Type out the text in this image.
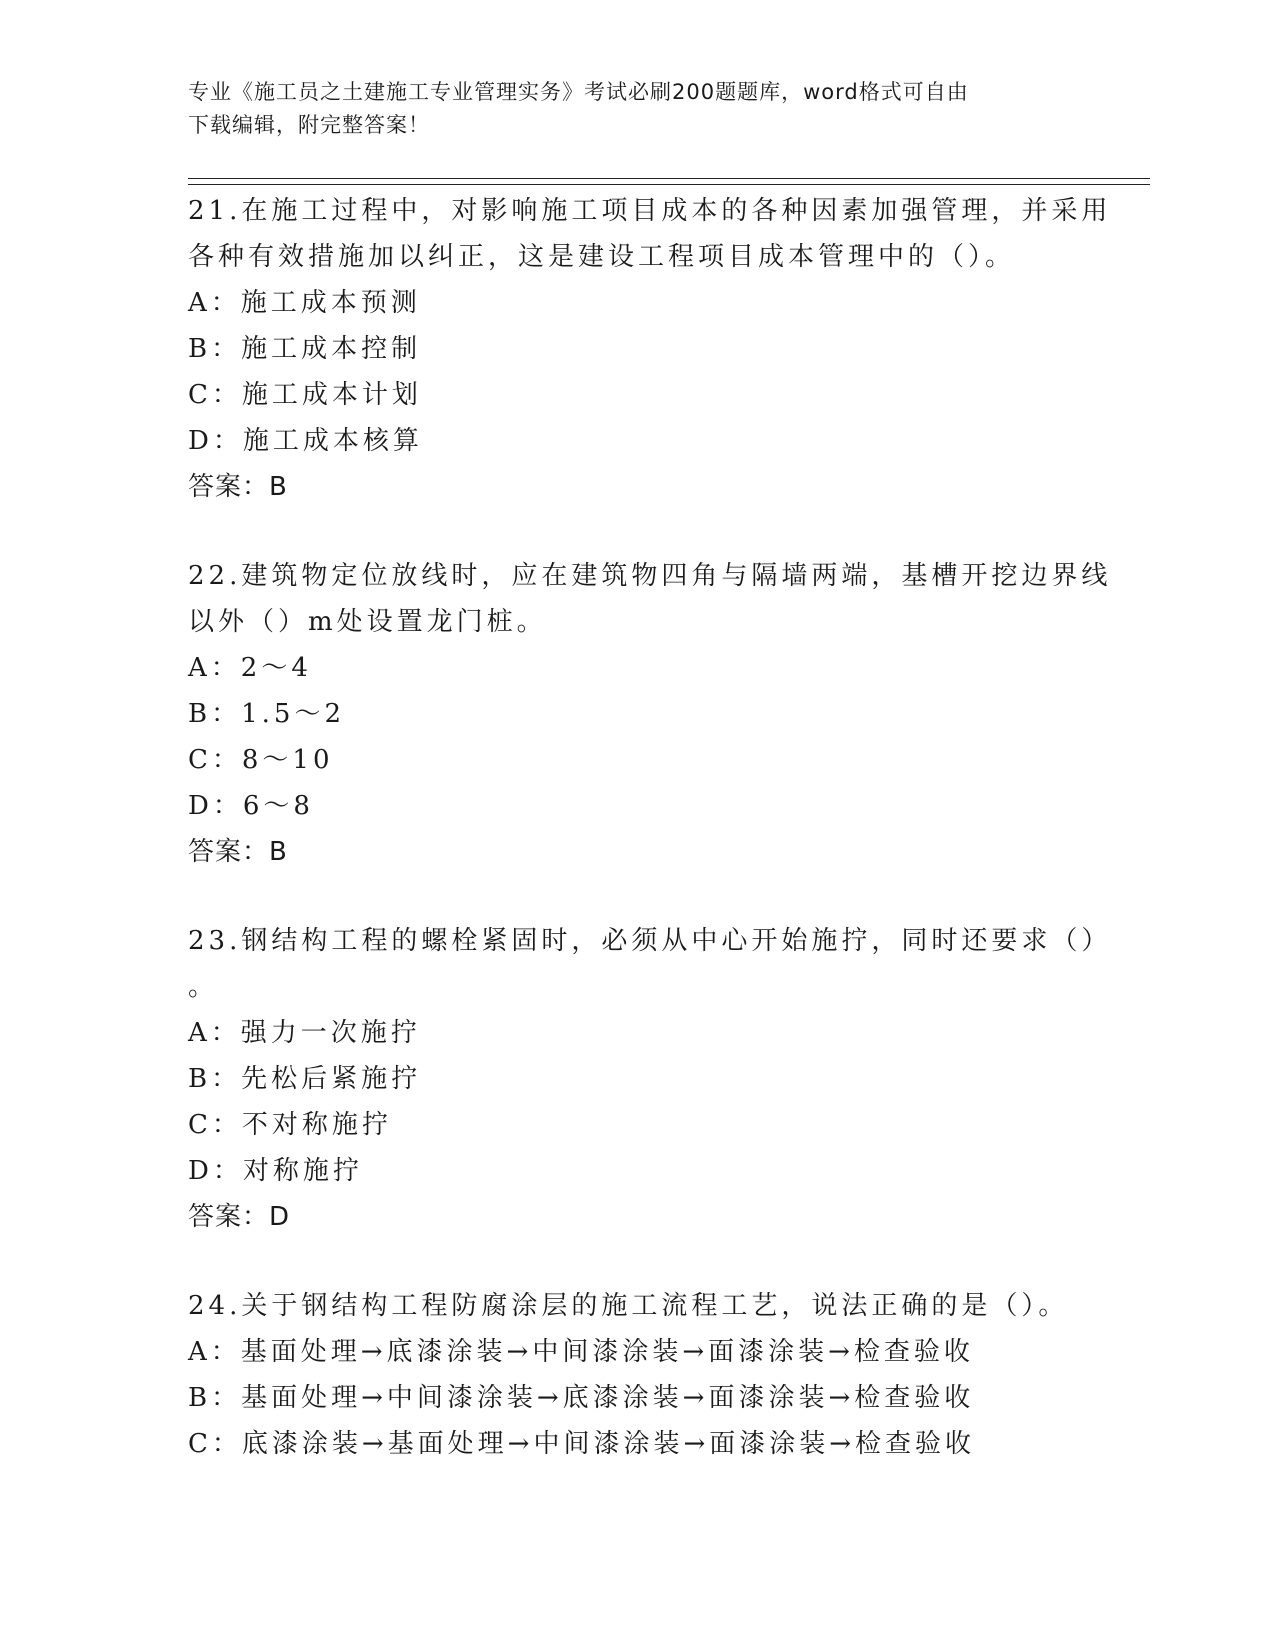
专业《施工员之土建施工专业管理实务》考试必刷200题题库，word格式可自由
下载编辑，附完整答案！
21.在施工过程中，对影响施工项目成本的各种因素加强管理，并采用
各种有效措施加以纠正，这是建设工程项目成本管理中的（）。
A：施工成本预测
B：施工成本控制
C：施工成本计划
D：施工成本核算
答案：B
22.建筑物定位放线时，应在建筑物四角与隔墙两端，基槽开挖边界线
以外（）m处设置龙门桩。
A：2～4
B：1.5～2
C：8～10
D：6～8
答案：B
23.钢结构工程的螺栓紧固时，必须从中心开始施拧，同时还要求（）
。
A：强力一次施拧
B：先松后紧施拧
C：不对称施拧
D：对称施拧
答案：D
24.关于钢结构工程防腐涂层的施工流程工艺，说法正确的是（）。
A：基面处理→底漆涂装→中间漆涂装→面漆涂装→检查验收
B：基面处理→中间漆涂装→底漆涂装→面漆涂装→检查验收
C：底漆涂装→基面处理→中间漆涂装→面漆涂装→检查验收
